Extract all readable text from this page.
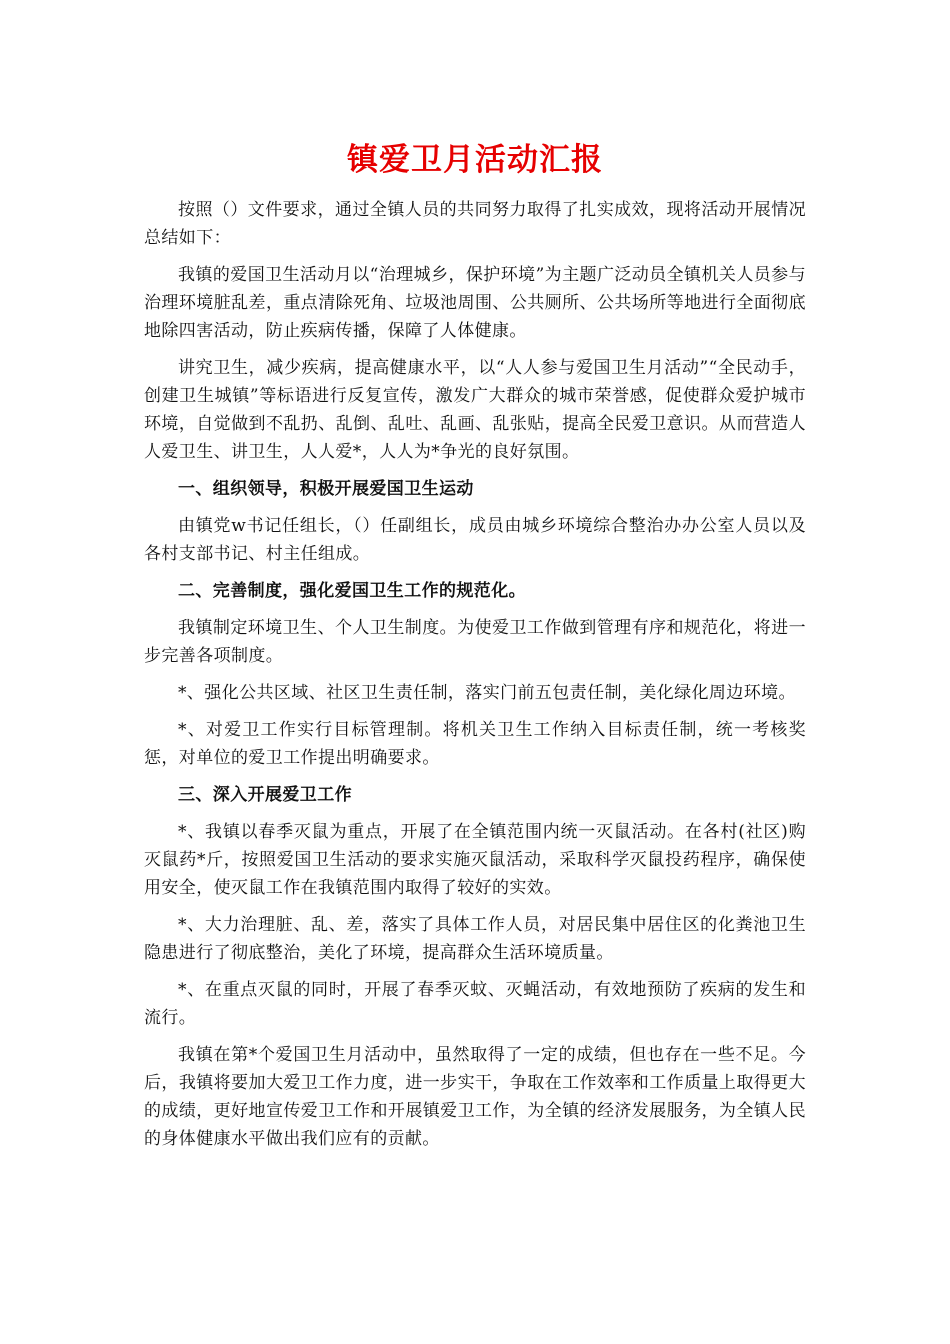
镇爱卫月活动汇报

按照（）文件要求，通过全镇人员的共同努力取得了扎实成效，现将活动开展情况总结如下：

我镇的爱国卫生活动月以“治理城乡，保护环境”为主题广泛动员全镇机关人员参与治理环境脏乱差，重点清除死角、垃圾池周围、公共厕所、公共场所等地进行全面彻底地除四害活动，防止疾病传播，保障了人体健康。

讲究卫生，减少疾病，提高健康水平，以“人人参与爱国卫生月活动”“全民动手，创建卫生城镇”等标语进行反复宣传，激发广大群众的城市荣誉感，促使群众爱护城市环境，自觉做到不乱扔、乱倒、乱吐、乱画、乱张贴，提高全民爱卫意识。从而营造人人爱卫生、讲卫生，人人爱*，人人为*争光的良好氛围。

一、组织领导，积极开展爱国卫生运动

由镇党w书记任组长，（）任副组长，成员由城乡环境综合整治办办公室人员以及各村支部书记、村主任组成。

二、完善制度，强化爱国卫生工作的规范化。

我镇制定环境卫生、个人卫生制度。为使爱卫工作做到管理有序和规范化，将进一步完善各项制度。

*、强化公共区域、社区卫生责任制，落实门前五包责任制，美化绿化周边环境。

*、对爱卫工作实行目标管理制。将机关卫生工作纳入目标责任制，统一考核奖惩，对单位的爱卫工作提出明确要求。

三、深入开展爱卫工作

*、我镇以春季灭鼠为重点，开展了在全镇范围内统一灭鼠活动。在各村(社区)购灭鼠药*斤，按照爱国卫生活动的要求实施灭鼠活动，采取科学灭鼠投药程序，确保使用安全，使灭鼠工作在我镇范围内取得了较好的实效。

*、大力治理脏、乱、差，落实了具体工作人员，对居民集中居住区的化粪池卫生隐患进行了彻底整治，美化了环境，提高群众生活环境质量。

*、在重点灭鼠的同时，开展了春季灭蚊、灭蝇活动，有效地预防了疾病的发生和流行。

我镇在第*个爱国卫生月活动中，虽然取得了一定的成绩，但也存在一些不足。今后，我镇将要加大爱卫工作力度，进一步实干，争取在工作效率和工作质量上取得更大的成绩，更好地宣传爱卫工作和开展镇爱卫工作，为全镇的经济发展服务，为全镇人民的身体健康水平做出我们应有的贡献。
